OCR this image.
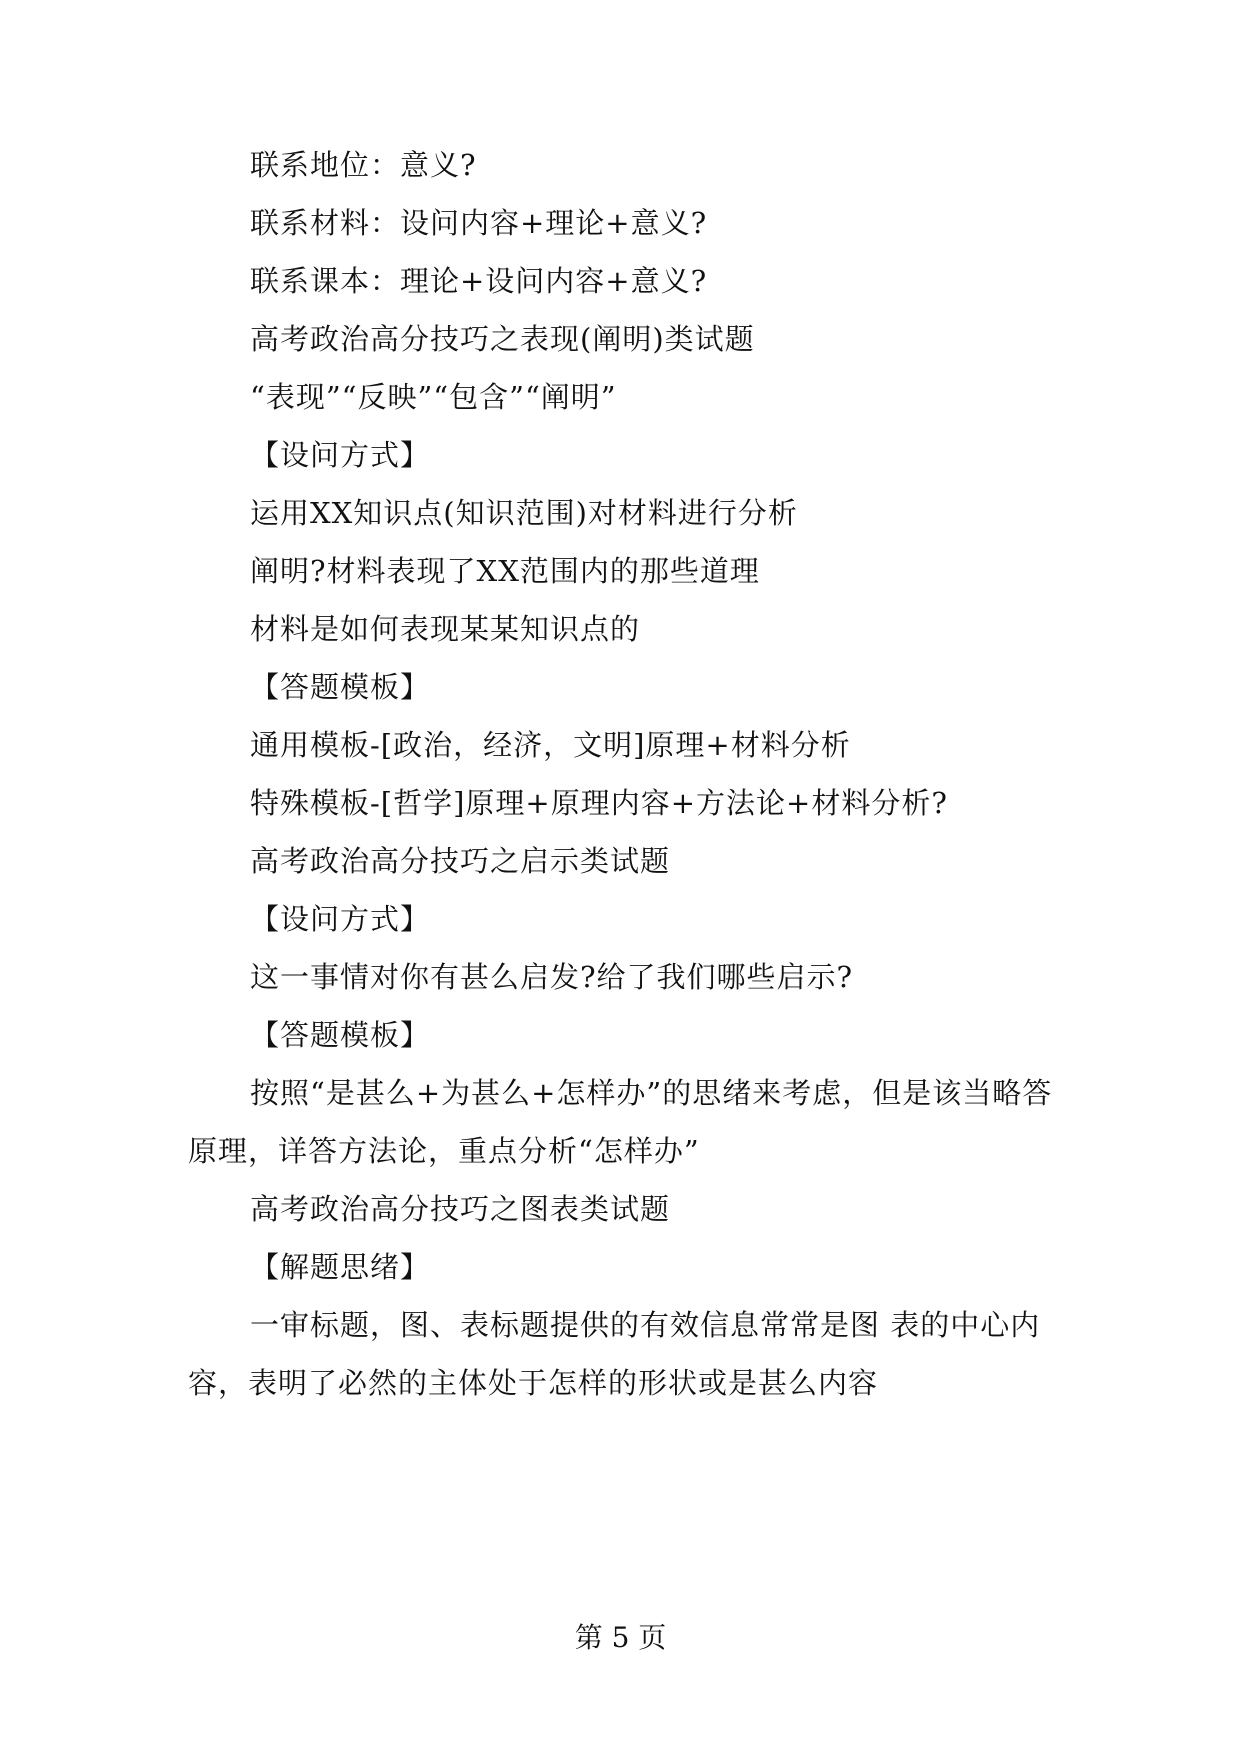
联系地位：意义?
联系材料：设问内容+理论+意义?
联系课本：理论+设问内容+意义?
高考政治高分技巧之表现(阐明)类试题
“表现”“反映”“包含”“阐明”
【设问方式】
运用XX知识点(知识范围)对材料进行分析
阐明?材料表现了XX范围内的那些道理
材料是如何表现某某知识点的
【答题模板】
通用模板-[政治，经济，文明]原理+材料分析
特殊模板-[哲学]原理+原理内容+方法论+材料分析?
高考政治高分技巧之启示类试题
【设问方式】
这一事情对你有甚么启发?给了我们哪些启示?
【答题模板】
按照“是甚么+为甚么+怎样办”的思绪来考虑，但是该当略答
原理，详答方法论，重点分析“怎样办”
高考政治高分技巧之图表类试题
【解题思绪】
一审标题，图、表标题提供的有效信息常常是图 表的中心内
容，表明了必然的主体处于怎样的形状或是甚么内容
第 5 页
